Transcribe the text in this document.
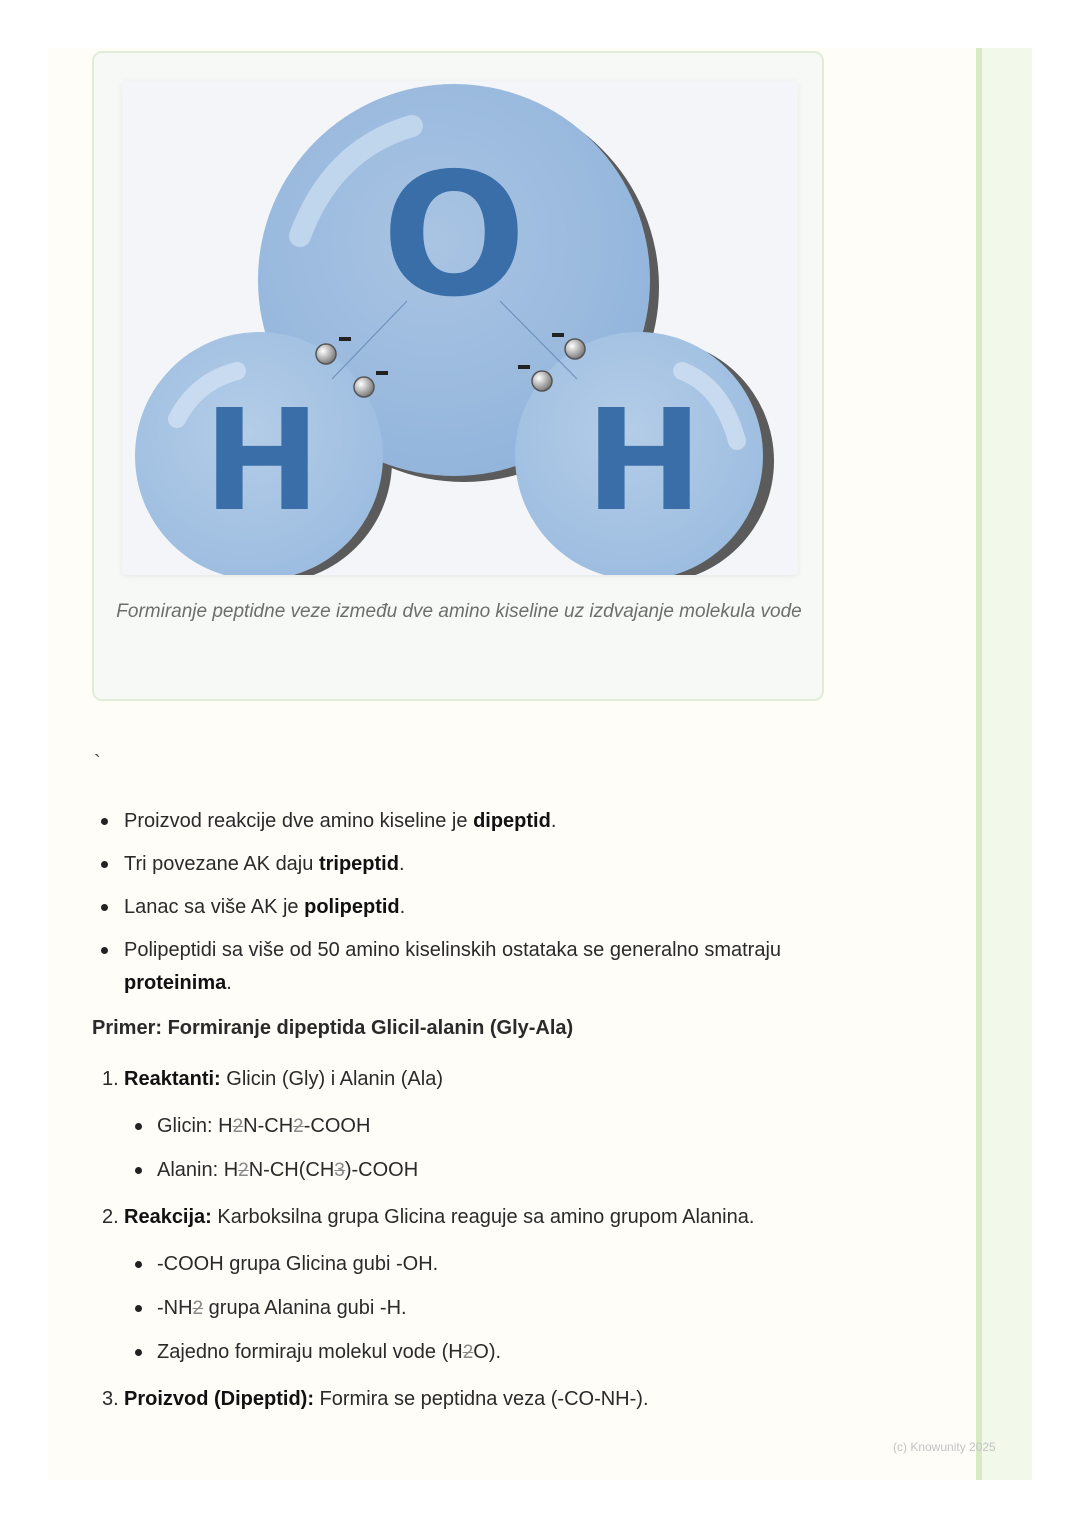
O
H H
Formiranje peptidne veze između dve amino kiseline uz izdvajanje molekula vode
`
Proizvod reakcije dve amino kiseline je dipeptid.
Tri povezane AK daju tripeptid.
Lanac sa više AK je polipeptid.
Polipeptidi sa više od 50 amino kiselinskih ostataka se generalno smatraju proteinima.
Primer: Formiranje dipeptida Glicil-alanin (Gly-Ala)
1. Reaktanti: Glicin (Gly) i Alanin (Ala)
Glicin: H2N-CH2-COOH
Alanin: H2N-CH(CH3)-COOH
2. Reakcija: Karboksilna grupa Glicina reaguje sa amino grupom Alanina.
-COOH grupa Glicina gubi -OH.
-NH2 grupa Alanina gubi -H.
Zajedno formiraju molekul vode (H2O).
3. Proizvod (Dipeptid): Formira se peptidna veza (-CO-NH-).
(c) Knowunity 2025
